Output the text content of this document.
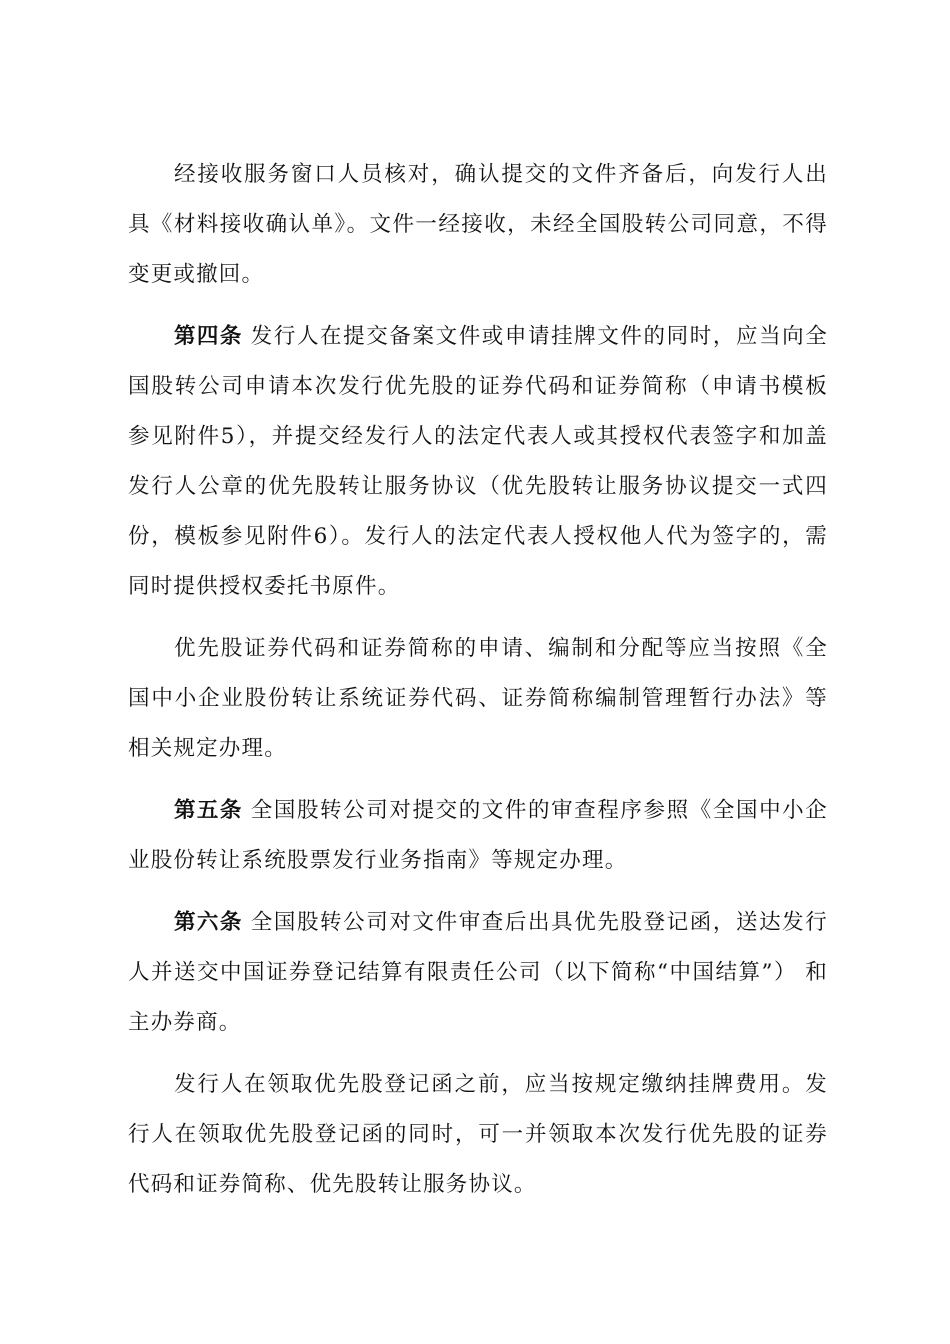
经接收服务窗口人员核对，确认提交的文件齐备后，向发行人出具《材料接收确认单》。文件一经接收，未经全国股转公司同意，不得变更或撤回。

第四条 发行人在提交备案文件或申请挂牌文件的同时，应当向全国股转公司申请本次发行优先股的证券代码和证券简称（申请书模板参见附件5），并提交经发行人的法定代表人或其授权代表签字和加盖发行人公章的优先股转让服务协议（优先股转让服务协议提交一式四份，模板参见附件6）。发行人的法定代表人授权他人代为签字的，需同时提供授权委托书原件。

优先股证券代码和证券简称的申请、编制和分配等应当按照《全国中小企业股份转让系统证券代码、证券简称编制管理暂行办法》等相关规定办理。

第五条 全国股转公司对提交的文件的审查程序参照《全国中小企业股份转让系统股票发行业务指南》等规定办理。

第六条 全国股转公司对文件审查后出具优先股登记函，送达发行人并送交中国证券登记结算有限责任公司（以下简称“中国结算”） 和主办券商。

发行人在领取优先股登记函之前，应当按规定缴纳挂牌费用。发行人在领取优先股登记函的同时，可一并领取本次发行优先股的证券代码和证券简称、优先股转让服务协议。
